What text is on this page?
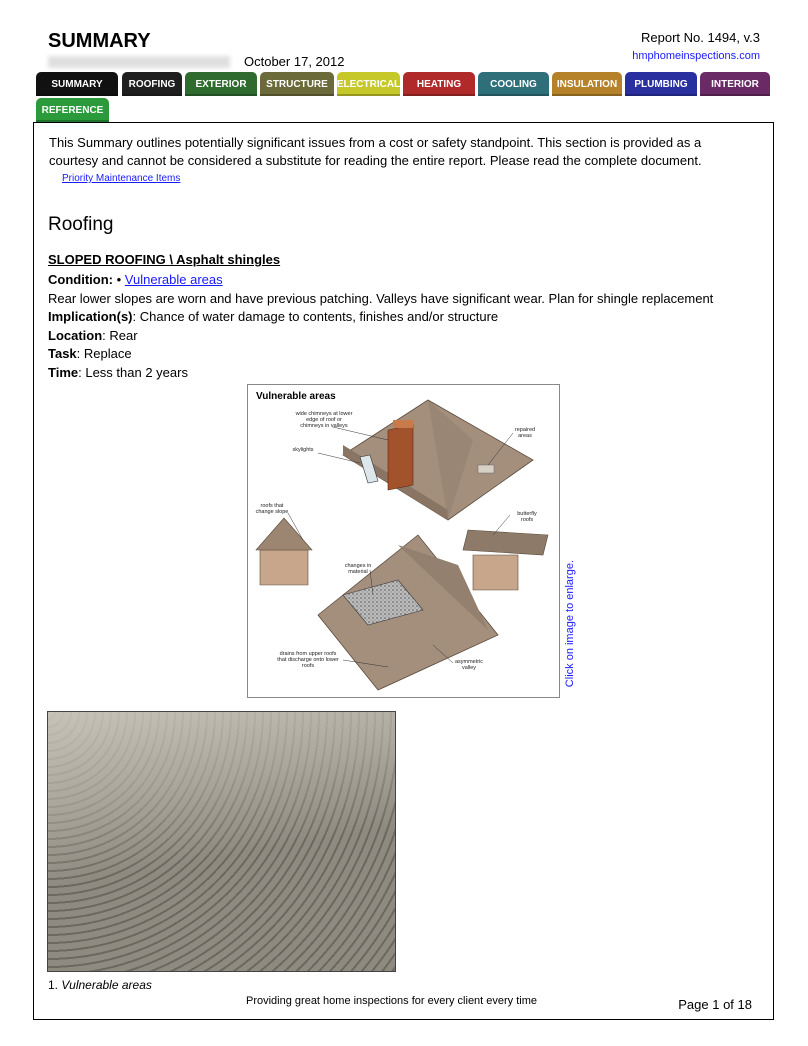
SUMMARY
October 17, 2012
Report No. 1494, v.3
hmphomeinspections.com
SUMMARY	ROOFING	EXTERIOR	STRUCTURE ELECTRICAL	HEATING	COOLING	INSULATION	PLUMBING	INTERIOR
REFERENCE
This Summary outlines potentially significant issues from a cost or safety standpoint. This section is provided as a courtesy and cannot be considered a substitute for reading the entire report. Please read the complete document.
Priority Maintenance Items
Roofing
SLOPED ROOFING \ Asphalt shingles
Condition: • Vulnerable areas
Rear lower slopes are worn and have previous patching. Valleys have significant wear. Plan for shingle replacement
Implication(s): Chance of water damage to contents, finishes and/or structure
Location: Rear
Task: Replace
Time: Less than 2 years
Vulnerable areas
wide chimneys at lower edge of roof or chimneys in valleys
skylights
repaired areas
roofs that change slope	butterfly roofs
changes in material
drains from upper roofs that discharge onto lower roofs
asymmetric valley	Click on image to enlarge.
1. Vulnerable areas
Providing great home inspections for every client every time	Page 1 of 18
